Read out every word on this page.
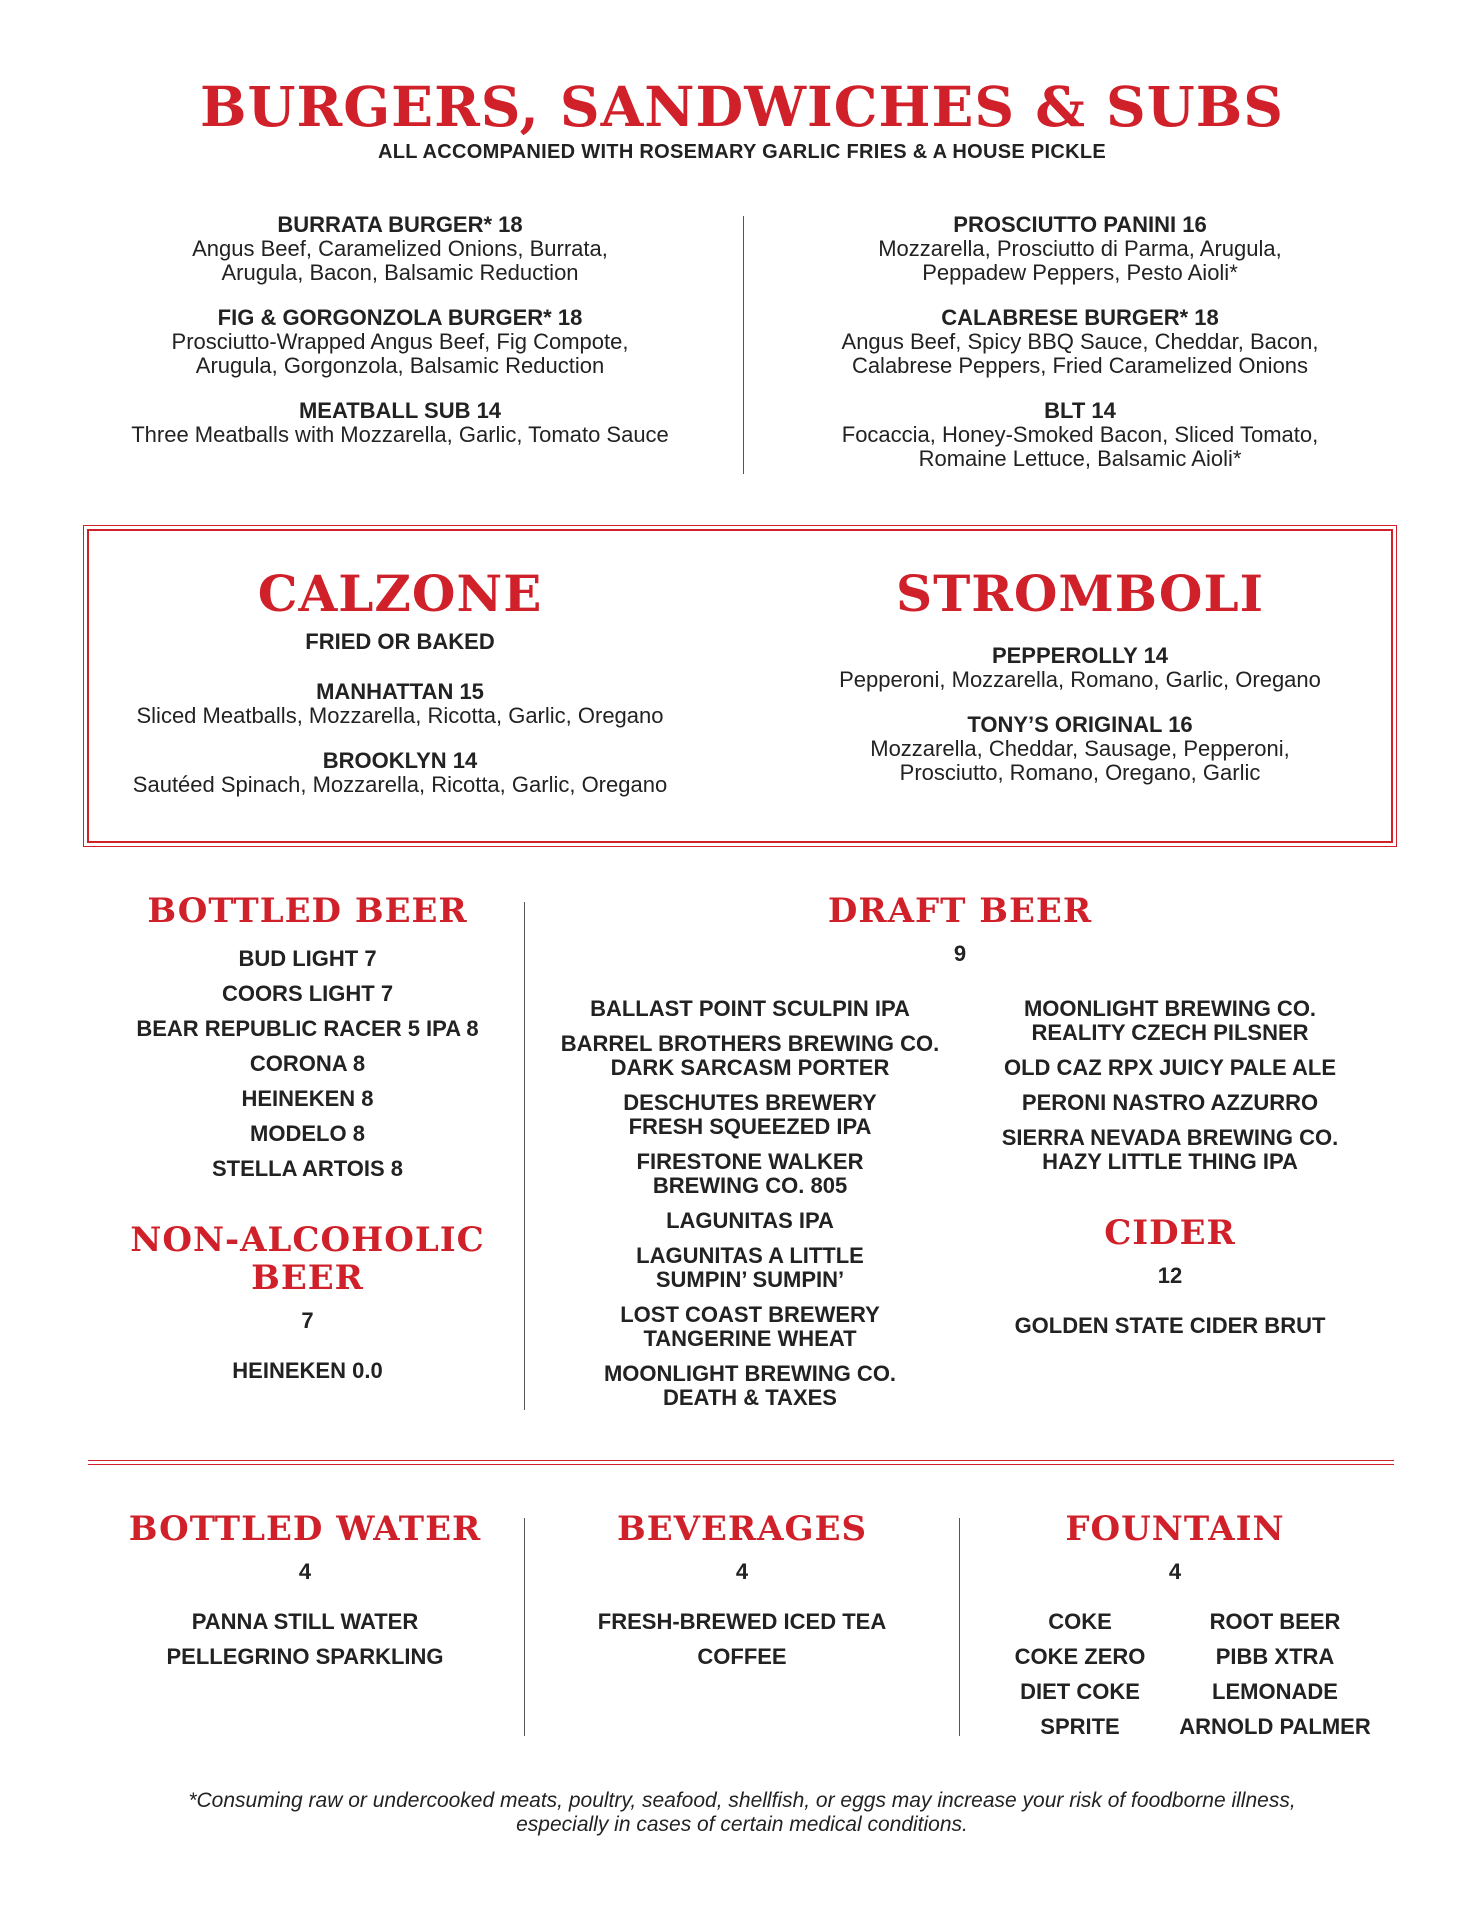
BURGERS, SANDWICHES & SUBS
ALL ACCOMPANIED WITH ROSEMARY GARLIC FRIES & A HOUSE PICKLE
BURRATA BURGER* 18
Angus Beef, Caramelized Onions, Burrata,
Arugula, Bacon, Balsamic Reduction
FIG & GORGONZOLA BURGER* 18
Prosciutto-Wrapped Angus Beef, Fig Compote,
Arugula, Gorgonzola, Balsamic Reduction
MEATBALL SUB 14
Three Meatballs with Mozzarella, Garlic, Tomato Sauce
PROSCIUTTO PANINI 16
Mozzarella, Prosciutto di Parma, Arugula,
Peppadew Peppers, Pesto Aioli*
CALABRESE BURGER* 18
Angus Beef, Spicy BBQ Sauce, Cheddar, Bacon,
Calabrese Peppers, Fried Caramelized Onions
BLT 14
Focaccia, Honey-Smoked Bacon, Sliced Tomato,
Romaine Lettuce, Balsamic Aioli*
CALZONE
FRIED OR BAKED
MANHATTAN 15
Sliced Meatballs, Mozzarella, Ricotta, Garlic, Oregano
BROOKLYN 14
Sautéed Spinach, Mozzarella, Ricotta, Garlic, Oregano
STROMBOLI
PEPPEROLLY 14
Pepperoni, Mozzarella, Romano, Garlic, Oregano
TONY’S ORIGINAL 16
Mozzarella, Cheddar, Sausage, Pepperoni,
Prosciutto, Romano, Oregano, Garlic
BOTTLED BEER
BUD LIGHT 7
COORS LIGHT 7
BEAR REPUBLIC RACER 5 IPA 8
CORONA 8
HEINEKEN 8
MODELO 8
STELLA ARTOIS 8
NON-ALCOHOLIC
BEER
7
HEINEKEN 0.0
DRAFT BEER
9
BALLAST POINT SCULPIN IPA
BARREL BROTHERS BREWING CO.
DARK SARCASM PORTER
DESCHUTES BREWERY
FRESH SQUEEZED IPA
FIRESTONE WALKER
BREWING CO. 805
LAGUNITAS IPA
LAGUNITAS A LITTLE
SUMPIN’ SUMPIN’
LOST COAST BREWERY
TANGERINE WHEAT
MOONLIGHT BREWING CO.
DEATH & TAXES
MOONLIGHT BREWING CO.
REALITY CZECH PILSNER
OLD CAZ RPX JUICY PALE ALE
PERONI NASTRO AZZURRO
SIERRA NEVADA BREWING CO.
HAZY LITTLE THING IPA
CIDER
12
GOLDEN STATE CIDER BRUT
BOTTLED WATER
4
PANNA STILL WATER
PELLEGRINO SPARKLING
BEVERAGES
4
FRESH-BREWED ICED TEA
COFFEE
FOUNTAIN
4
COKE
COKE ZERO
DIET COKE
SPRITE
ROOT BEER
PIBB XTRA
LEMONADE
ARNOLD PALMER
*Consuming raw or undercooked meats, poultry, seafood, shellfish, or eggs may increase your risk of foodborne illness,
especially in cases of certain medical conditions.
